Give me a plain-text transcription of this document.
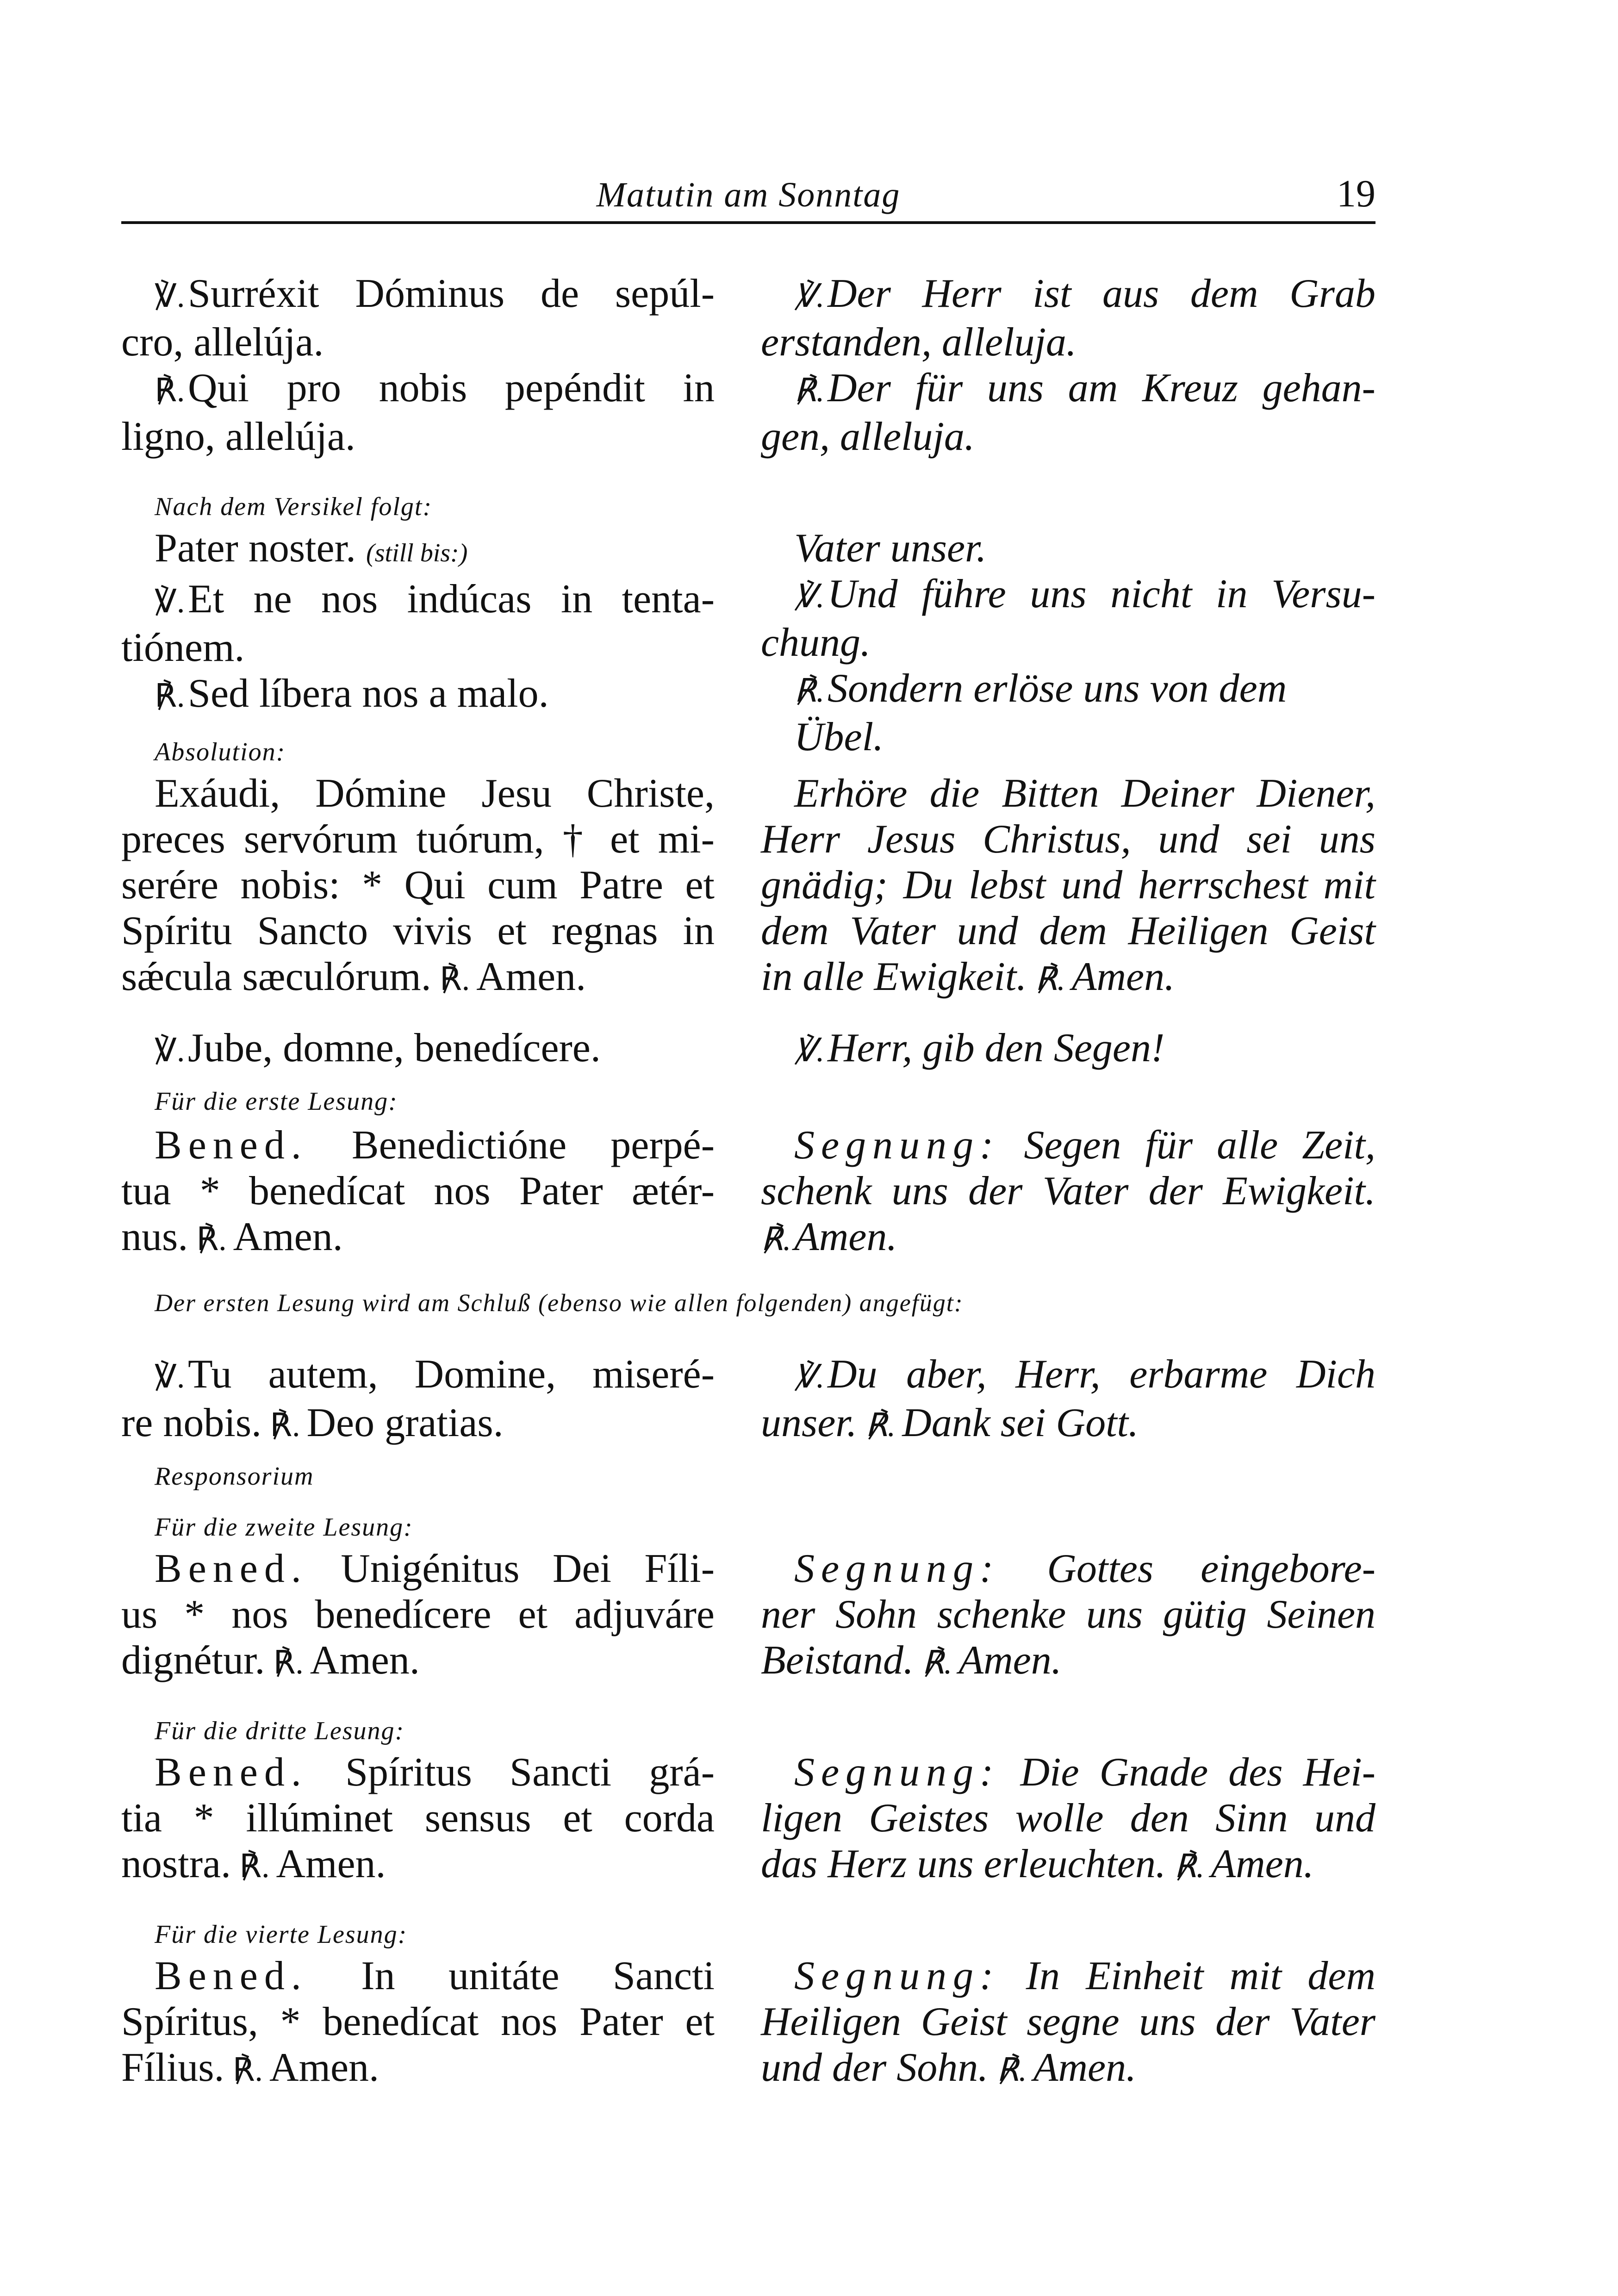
Matutin am Sonntag	19
℣.Surréxit Dóminus de sepúl-
cro, allelúja.
℟.Qui pro nobis pepéndit in
ligno, allelúja.
℣.Der Herr ist aus dem Grab
erstanden, alleluja.
℟.Der für uns am Kreuz gehan-
gen, alleluja.
Nach dem Versikel folgt:
Pater noster. (still bis:)
℣.Et ne nos indúcas in tenta-
tiónem.
℟.Sed líbera nos a malo.
Vater unser.
℣.Und führe uns nicht in Versu-
chung.
℟.Sondern erlöse uns von dem Übel.
Absolution:
Exáudi, Dómine Jesu Christe,
preces servórum tuórum, † et mi-
serére nobis: * Qui cum Patre et
Spíritu Sancto vivis et regnas in
sǽcula sæculórum. ℟. Amen.
Erhöre die Bitten Deiner Diener,
Herr Jesus Christus, und sei uns
gnädig; Du lebst und herrschest mit
dem Vater und dem Heiligen Geist
in alle Ewigkeit. ℟. Amen.
℣.Jube, domne, benedícere.	℣.Herr, gib den Segen!
Für die erste Lesung:
Bened. Benedictióne perpé-
tua * benedícat nos Pater ætér-
nus. ℟. Amen.
Segnung: Segen für alle Zeit,
schenk uns der Vater der Ewigkeit.
℟.Amen.
Der ersten Lesung wird am Schluß (ebenso wie allen folgenden) angefügt:
℣.Tu autem, Domine, miseré-
re nobis. ℟. Deo gratias.
℣.Du aber, Herr, erbarme Dich
unser. ℟. Dank sei Gott.
Responsorium
Für die zweite Lesung:
Bened. Unigénitus Dei Fíli-
us * nos benedícere et adjuváre
dignétur. ℟. Amen.
Segnung: Gottes eingebore-
ner Sohn schenke uns gütig Seinen
Beistand. ℟. Amen.
Für die dritte Lesung:
Bened. Spíritus Sancti grá-
tia * illúminet sensus et corda
nostra. ℟. Amen.
Segnung: Die Gnade des Hei-
ligen Geistes wolle den Sinn und
das Herz uns erleuchten. ℟. Amen.
Für die vierte Lesung:
Bened. In unitáte Sancti
Spíritus, * benedícat nos Pater et
Fílius. ℟. Amen.
Segnung: In Einheit mit dem
Heiligen Geist segne uns der Vater
und der Sohn. ℟. Amen.
